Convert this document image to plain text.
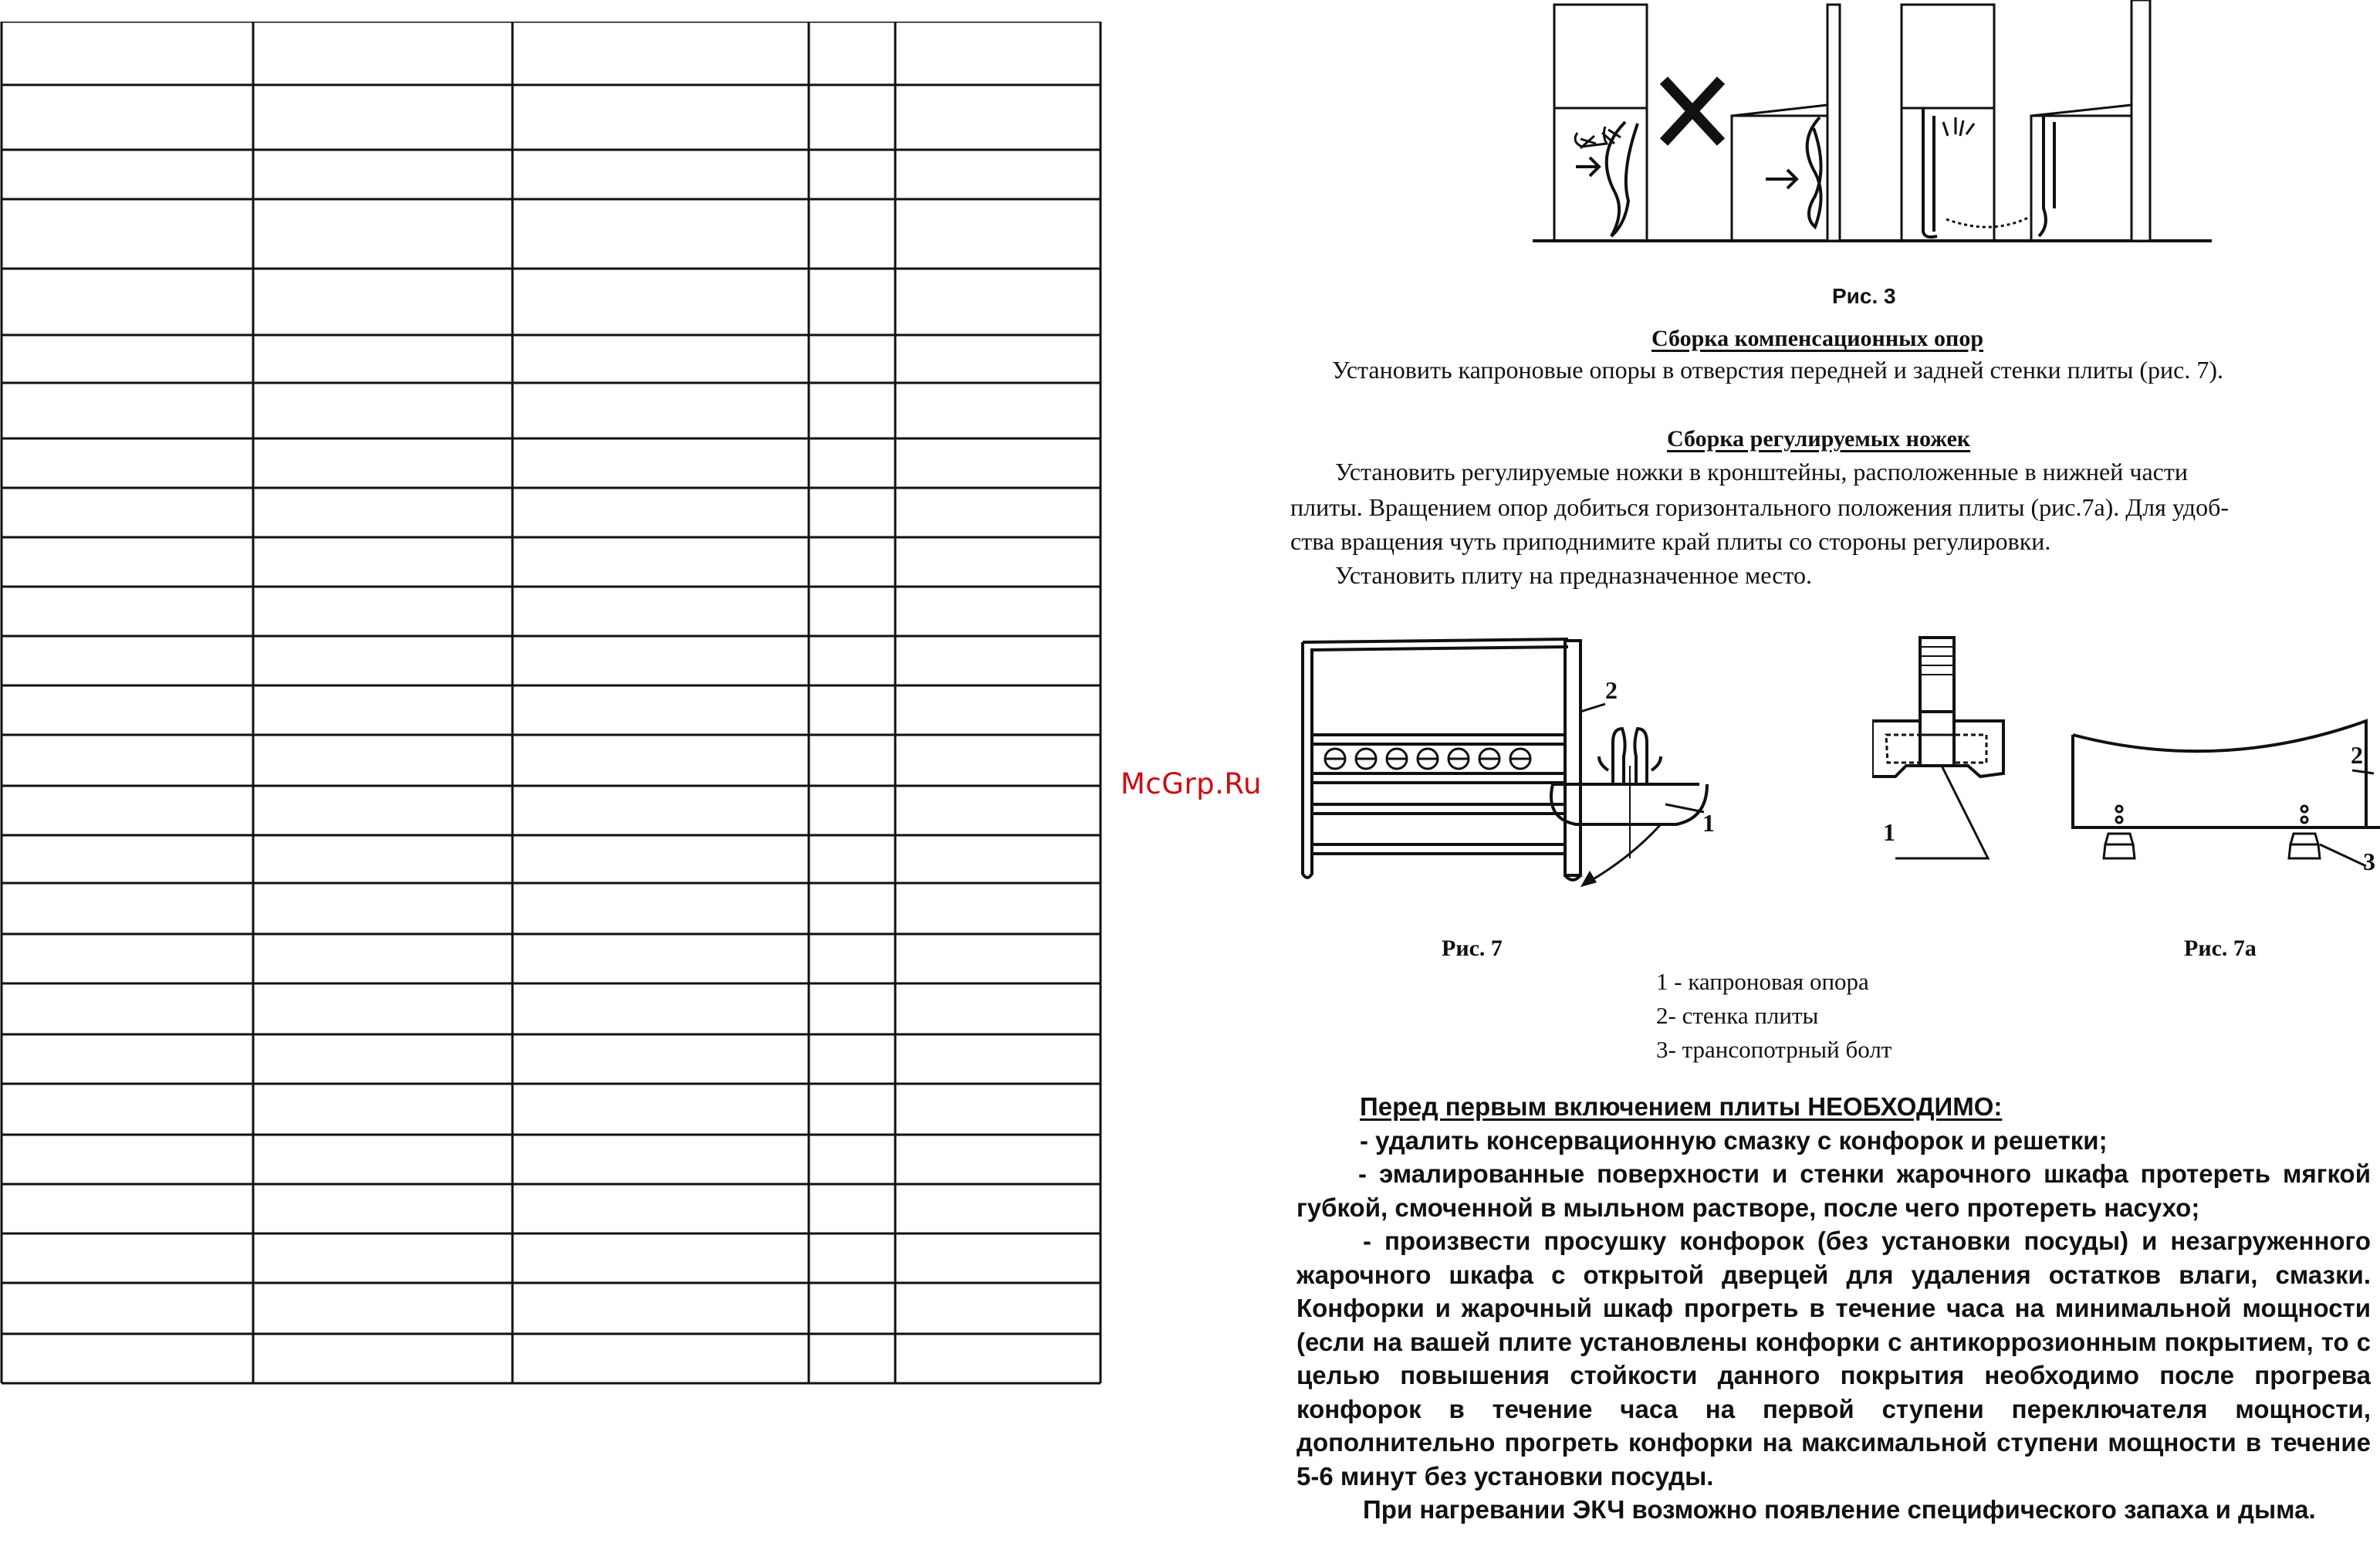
McGrp.Ru
Рис. 3
Сборка компенсационных опор
Установить капроновые опоры в отверстия передней и задней стенки плиты (рис. 7).
Сборка регулируемых ножек
Установить регулируемые ножки в кронштейны, расположенные в нижней части
плиты. Вращением опор добиться горизонтального положения плиты (рис.7а). Для удоб-
ства вращения чуть приподнимите край плиты со стороны регулировки.
Установить плиту на предназначенное место.
2
1	1
2
3
Рис. 7	Рис. 7а
1 - капроновая опора
2- стенка плиты
3- трансопотрный болт

Перед первым включением плиты НЕОБХОДИМО:

- удалить консервационную смазку с конфорок и решетки;

- эмалированные поверхности и стенки жарочного шкафа протереть мягкой губкой, смоченной в мыльном растворе, после чего протереть насухо;

- произвести просушку конфорок (без установки посуды) и незагруженного жарочного шкафа с открытой дверцей для удаления остатков влаги, смазки. Конфорки и жарочный шкаф прогреть в течение часа на минимальной мощности (если на вашей плите установлены конфорки с антикоррозионным покрытием, то с целью повышения стойкости данного покрытия необходимо после прогрева конфорок в течение часа на первой ступени переключателя мощности, дополнительно прогреть конфорки на максимальной ступени мощности в течение 5-6 минут без установки посуды.

При нагревании ЭКЧ возможно появление специфического запаха и дыма.
